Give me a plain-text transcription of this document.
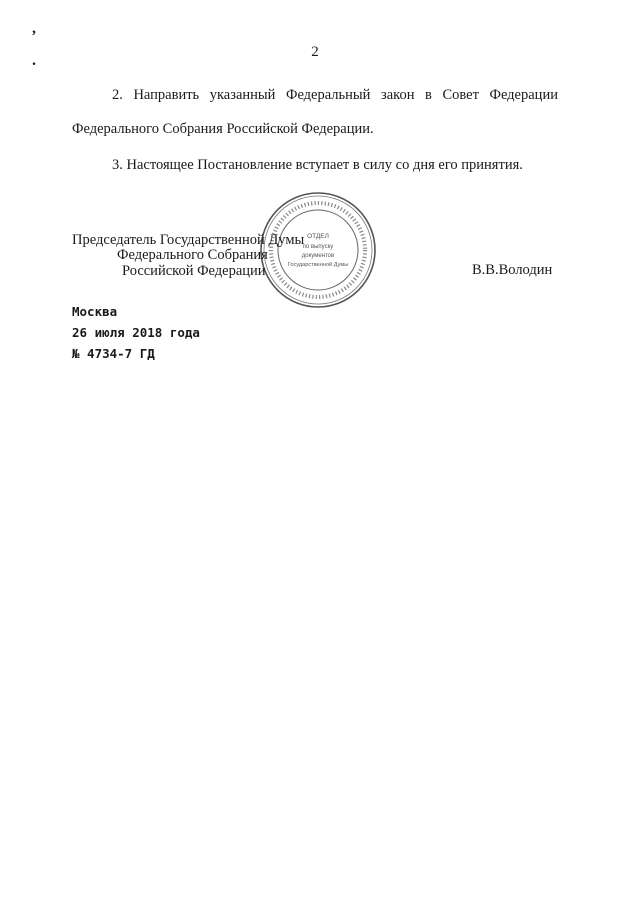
,
.	2
2. Направить указанный Федеральный закон в Совет Федерации
Федерального Собрания Российской Федерации.
3. Настоящее Постановление вступает в силу со дня его принятия.
ОТДЕЛ
по выпуску
документов
Государственной Думы
Председатель Государственной Думы
Федерального Собрания
Российской Федерации	В.В.Володин
Москва
26 июля 2018 года
№ 4734-7 ГД
